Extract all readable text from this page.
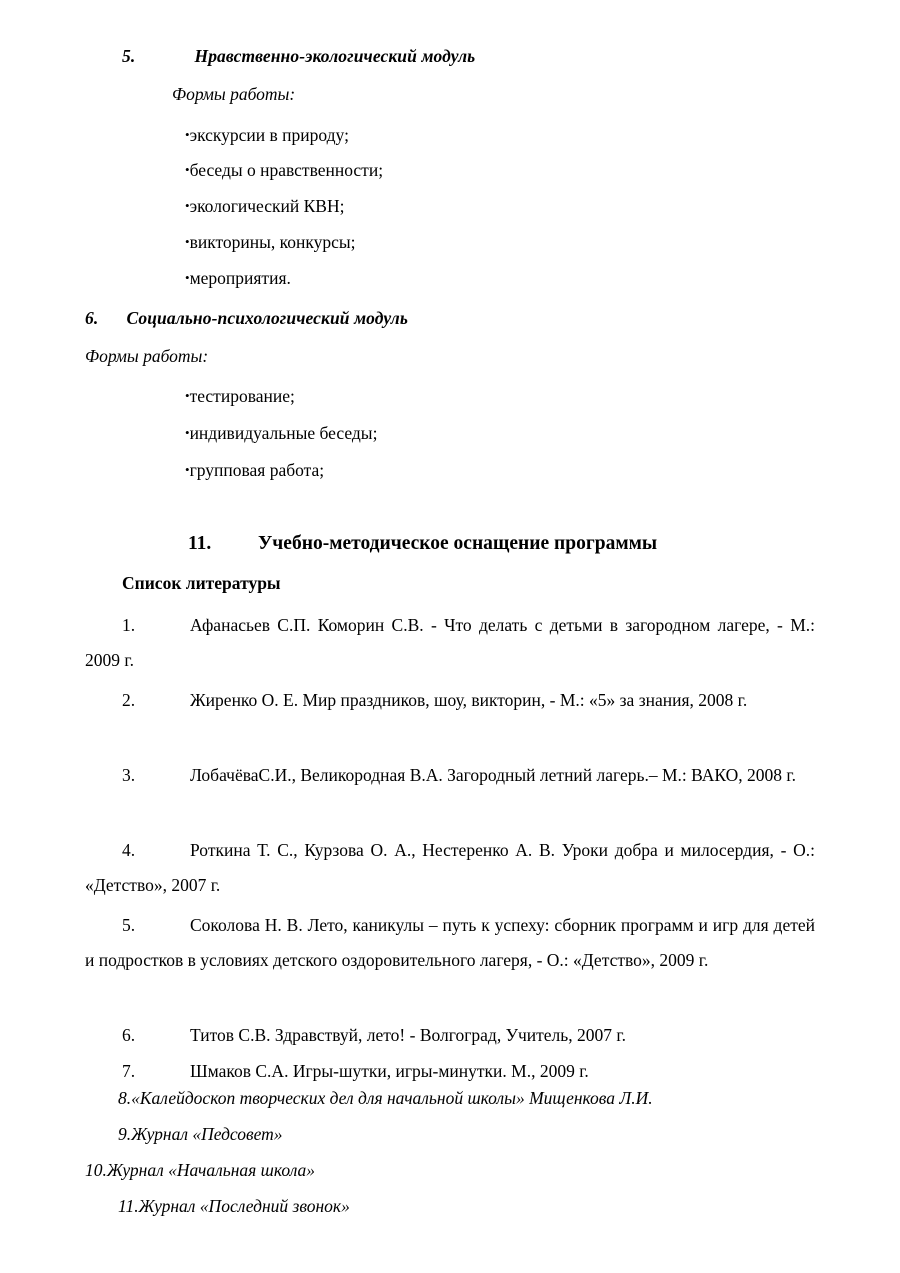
5.	Нравственно-экологический модуль
Формы работы:
•экскурсии в природу;
•беседы о нравственности;
•экологический КВН;
•викторины, конкурсы;
•мероприятия.
6. Социально-психологический модуль
Формы работы:
•тестирование;
•индивидуальные беседы;
•групповая работа;
11. Учебно-методическое оснащение программы
Список литературы
1.	Афанасьев С.П. Коморин С.В. - Что делать с детьми в загородном лагере, - М.: 2009 г.
2.	Жиренко О. Е. Мир праздников, шоу, викторин, - М.: «5» за знания, 2008 г.
3.	ЛобачёваС.И., Великородная В.А. Загородный летний лагерь.– М.: ВАКО, 2008 г.
4.	Роткина Т. С., Курзова О. А., Нестеренко А. В. Уроки добра и милосердия, - О.: «Детство», 2007 г.
5.	Соколова Н. В. Лето, каникулы – путь к успеху: сборник программ и игр для детей и подростков в условиях детского оздоровительного лагеря, - О.: «Детство», 2009 г.
6.	Титов С.В. Здравствуй, лето! - Волгоград, Учитель, 2007 г.
7.	Шмаков С.А. Игры-шутки, игры-минутки. М., 2009 г.
8.«Калейдоскоп творческих дел для начальной школы» Мищенкова Л.И.
9.Журнал «Педсовет»
10.Журнал «Начальная школа»
11.Журнал «Последний звонок»
